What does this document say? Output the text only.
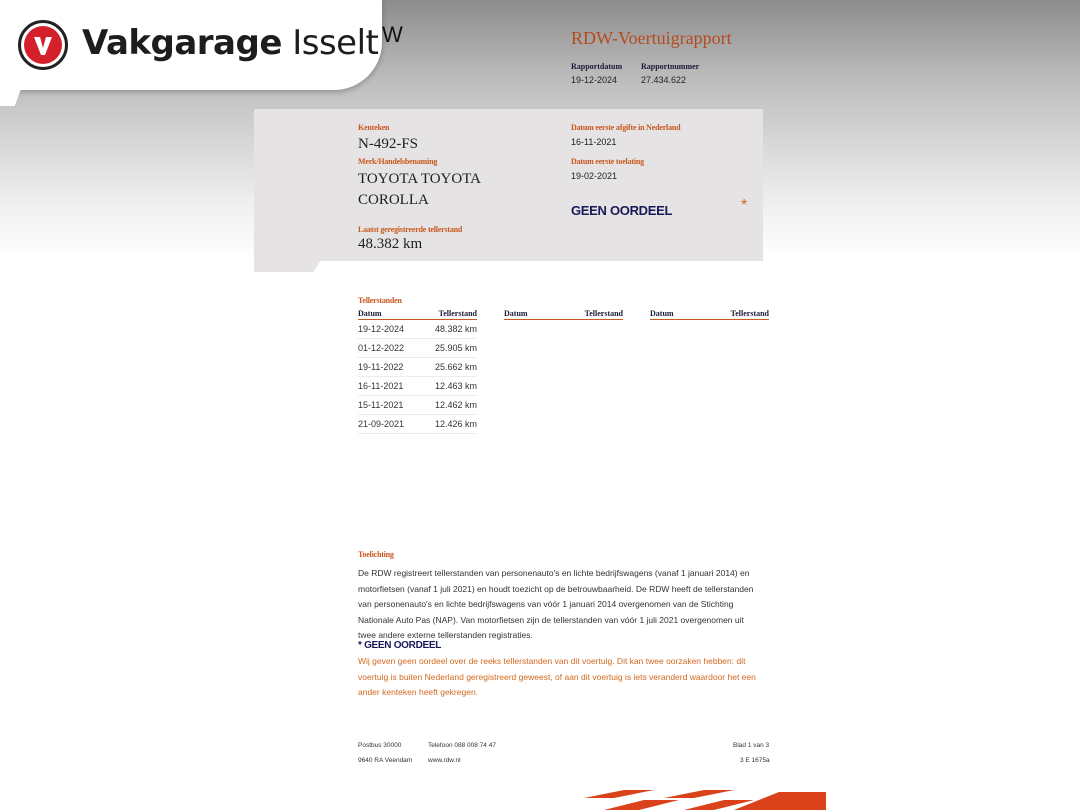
Vakgarage Isselt W	RDW-Voertuigrapport
Rapportdatum
19-12-2024
Rapportnummer
27.434.622
Kenteken
N-492-FS
Merk/Handelsbenaming
TOYOTA TOYOTA
COROLLA
Laatst geregistreerde tellerstand
48.382 km
Datum eerste afgifte in Nederland
16-11-2021
Datum eerste toelating
19-02-2021
GEEN OORDEEL	*
Tellerstanden
Datum	Tellerstand
19-12-2024	48.382 km
01-12-2022	25.905 km
19-11-2022	25.662 km
16-11-2021	12.463 km
15-11-2021	12.462 km
21-09-2021	12.426 km
Datum	Tellerstand	Datum	Tellerstand
Toelichting
De RDW registreert tellerstanden van personenauto's en lichte bedrijfswagens (vanaf 1 januari 2014) en
motorfietsen (vanaf 1 juli 2021) en houdt toezicht op de betrouwbaarheid. De RDW heeft de tellerstanden
van personenauto's en lichte bedrijfswagens van vóór 1 januari 2014 overgenomen van de Stichting
Nationale Auto Pas (NAP). Van motorfietsen zijn de tellerstanden van vóór 1 juli 2021 overgenomen uit
twee andere externe tellerstanden registraties.
* GEEN OORDEEL
Wij geven geen oordeel over de reeks tellerstanden van dit voertuig. Dit kan twee oorzaken hebben: dit
voertuig is buiten Nederland geregistreerd geweest, of aan dit voertuig is iets veranderd waardoor het een
ander kenteken heeft gekregen.
Postbus 30000
9640 RA Veendam
Telefoon 088 008 74 47
www.rdw.nl
Blad 1 van 3
3 E 1675a
